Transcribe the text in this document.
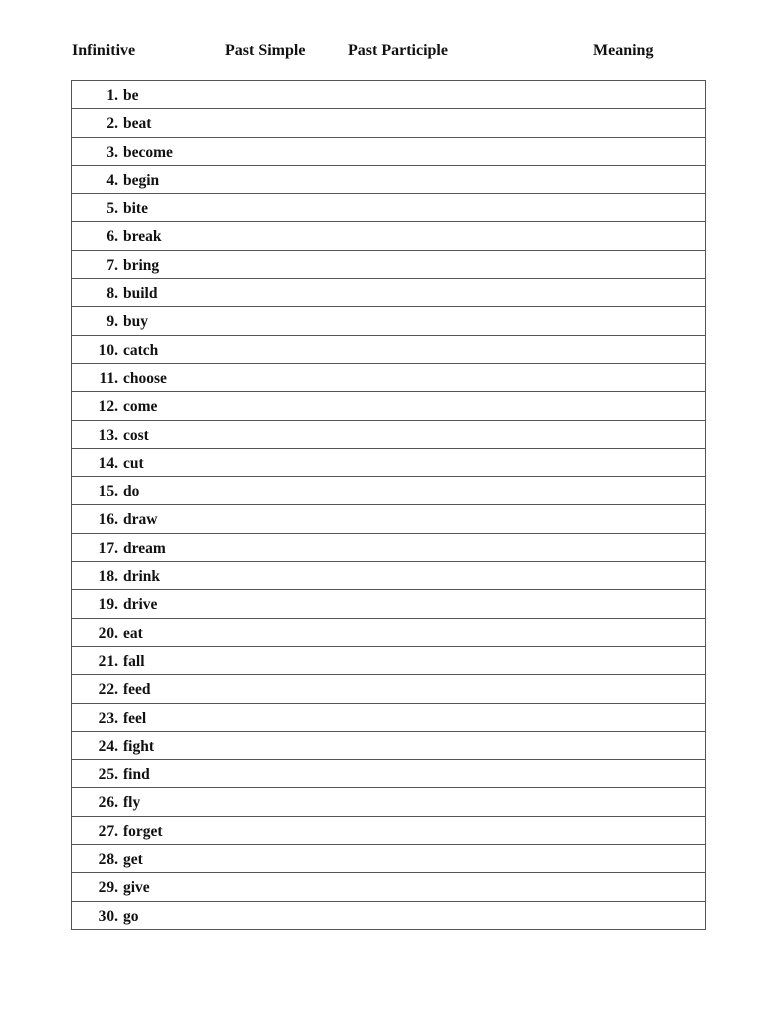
Infinitive	Past Simple	Past Participle	Meaning
1. be
2. beat
3. become
4. begin
5. bite
6. break
7. bring
8. build
9. buy
10. catch
11. choose
12. come
13. cost
14. cut
15. do
16. draw
17. dream
18. drink
19. drive
20. eat
21. fall
22. feed
23. feel
24. fight
25. find
26. fly
27. forget
28. get
29. give
30. go
